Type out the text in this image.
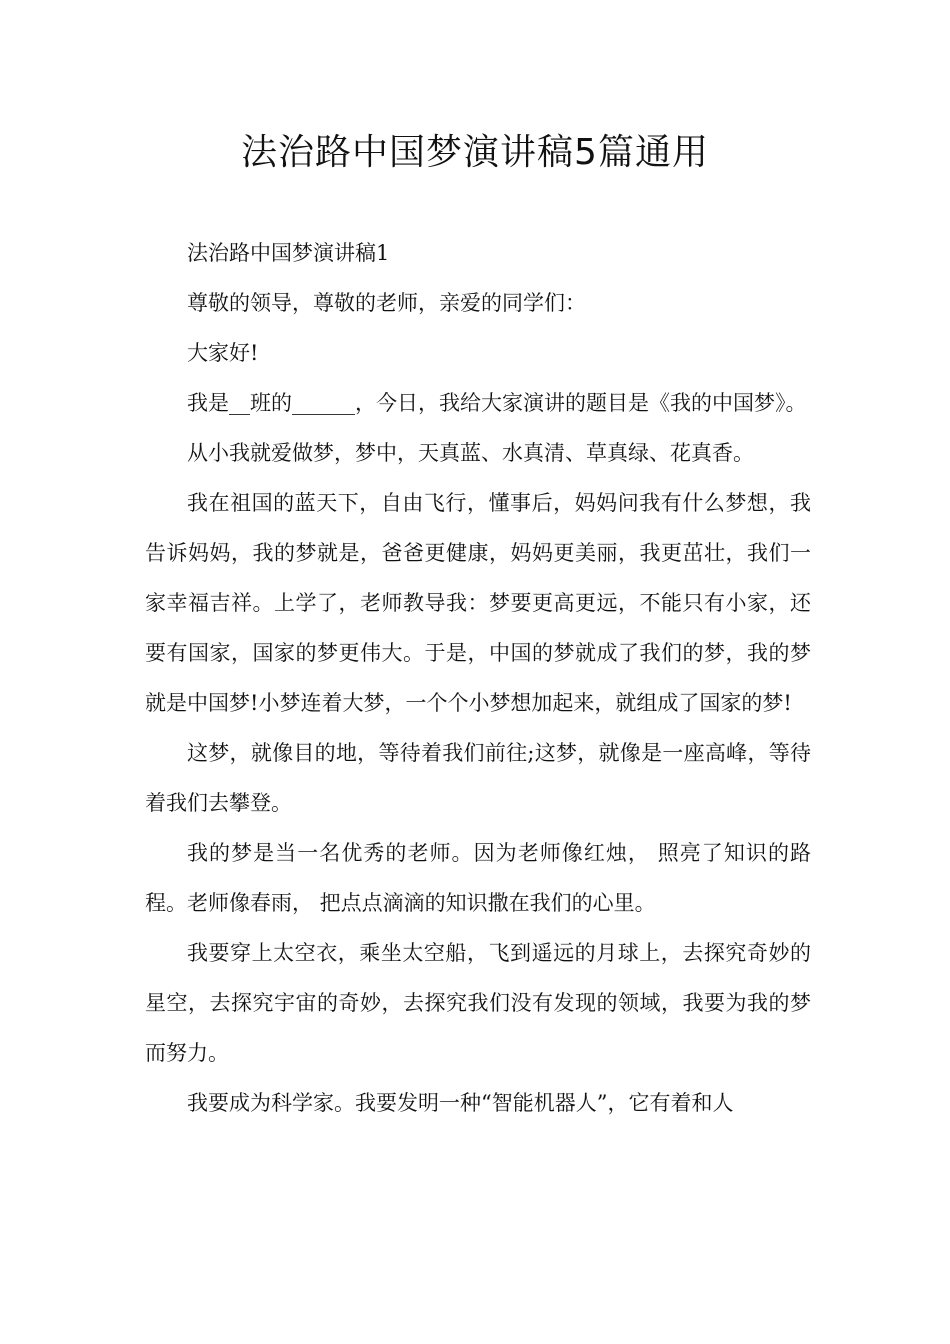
法治路中国梦演讲稿5篇通用

法治路中国梦演讲稿1

尊敬的领导，尊敬的老师，亲爱的同学们：

大家好!

我是__班的______，今日，我给大家演讲的题目是《我的中国梦》。

从小我就爱做梦，梦中，天真蓝、水真清、草真绿、花真香。

我在祖国的蓝天下，自由飞行，懂事后，妈妈问我有什么梦想，我告诉妈妈，我的梦就是，爸爸更健康，妈妈更美丽，我更茁壮，我们一家幸福吉祥。上学了，老师教导我：梦要更高更远，不能只有小家，还要有国家，国家的梦更伟大。于是，中国的梦就成了我们的梦，我的梦就是中国梦!小梦连着大梦，一个个小梦想加起来，就组成了国家的梦!

这梦，就像目的地，等待着我们前往;这梦，就像是一座高峰，等待着我们去攀登。

我的梦是当一名优秀的老师。因为老师像红烛， 照亮了知识的路程。老师像春雨， 把点点滴滴的知识撒在我们的心里。

我要穿上太空衣，乘坐太空船，飞到遥远的月球上，去探究奇妙的星空，去探究宇宙的奇妙，去探究我们没有发现的领域，我要为我的梦而努力。

我要成为科学家。我要发明一种“智能机器人”，它有着和人
